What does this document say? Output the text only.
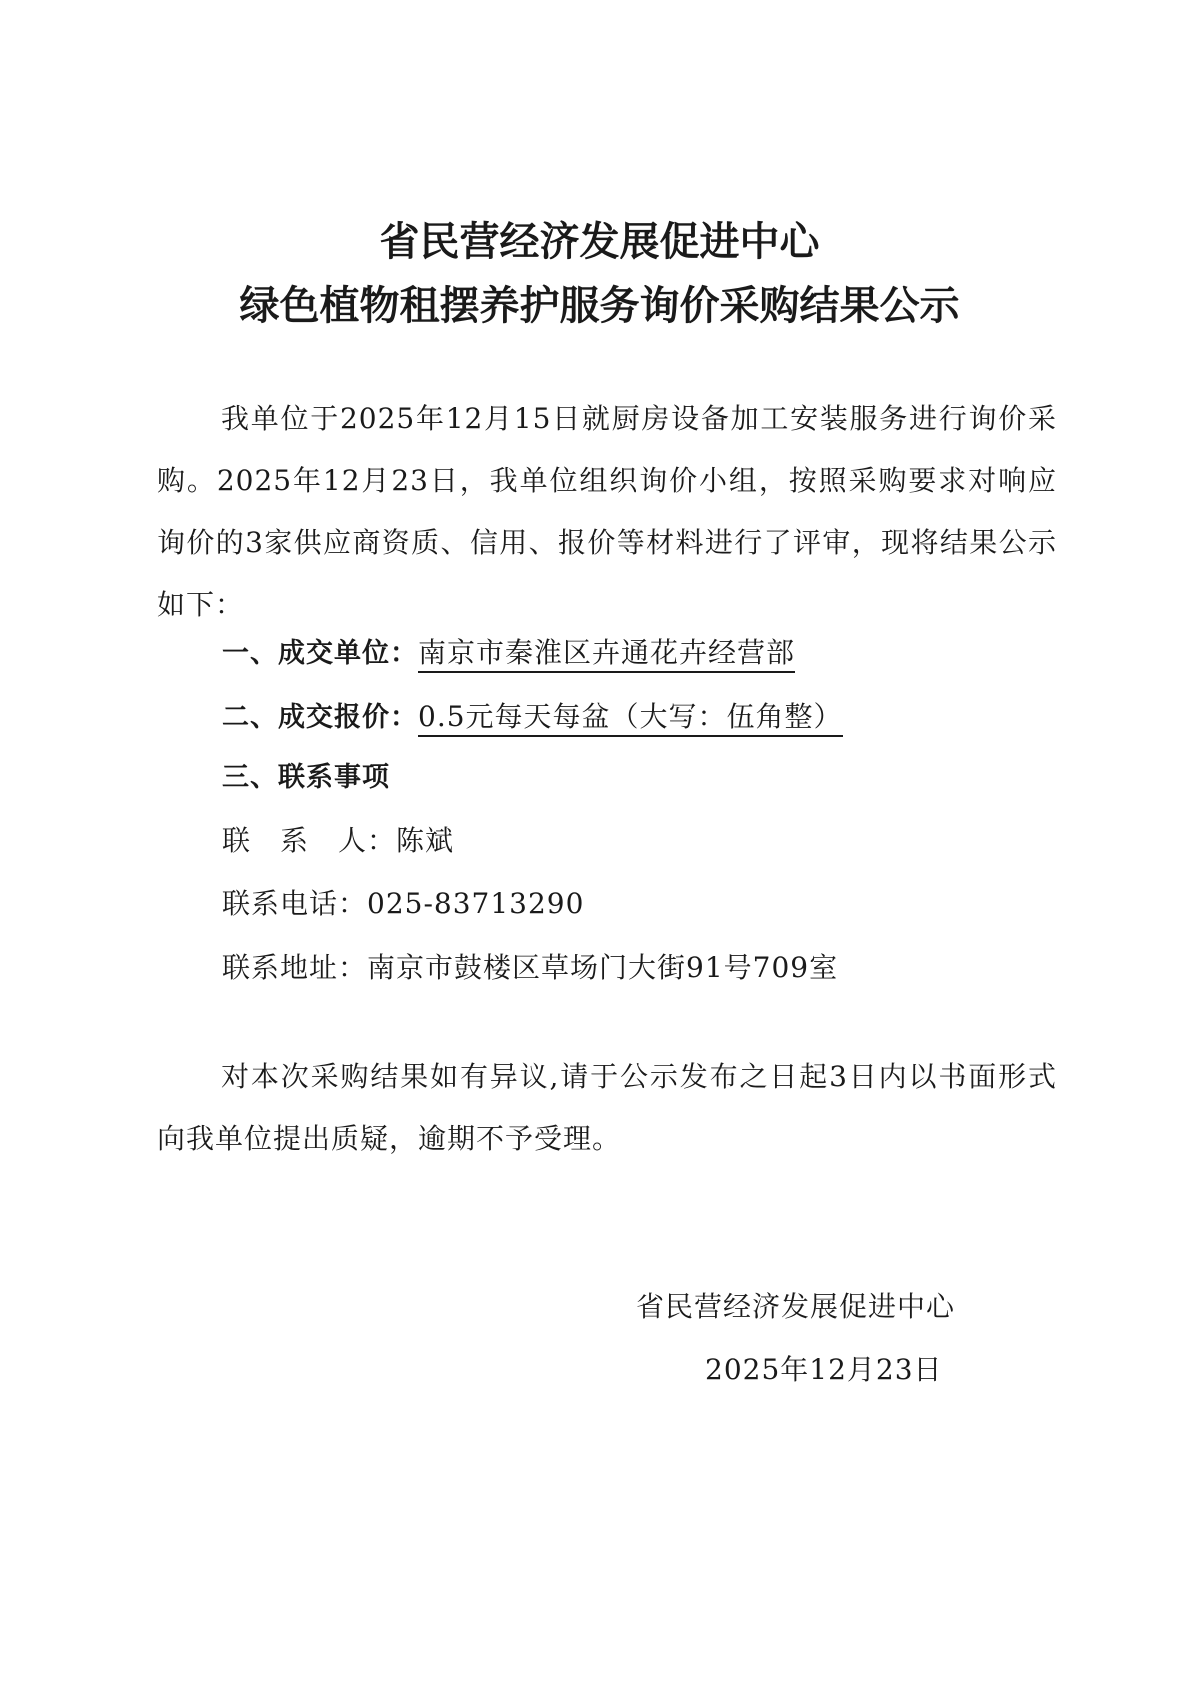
省民营经济发展促进中心
绿色植物租摆养护服务询价采购结果公示

我单位于2025年12月15日就厨房设备加工安装服务进行询价采购。2025年12月23日，我单位组织询价小组，按照采购要求对响应询价的3家供应商资质、信用、报价等材料进行了评审，现将结果公示如下：

一、成交单位：南京市秦淮区卉通花卉经营部
二、成交报价：0.5元每天每盆（大写：伍角整）
三、联系事项
联　系　人：陈斌
联系电话：025-83713290
联系地址：南京市鼓楼区草场门大街91号709室

对本次采购结果如有异议,请于公示发布之日起3日内以书面形式向我单位提出质疑，逾期不予受理。

省民营经济发展促进中心
2025年12月23日
